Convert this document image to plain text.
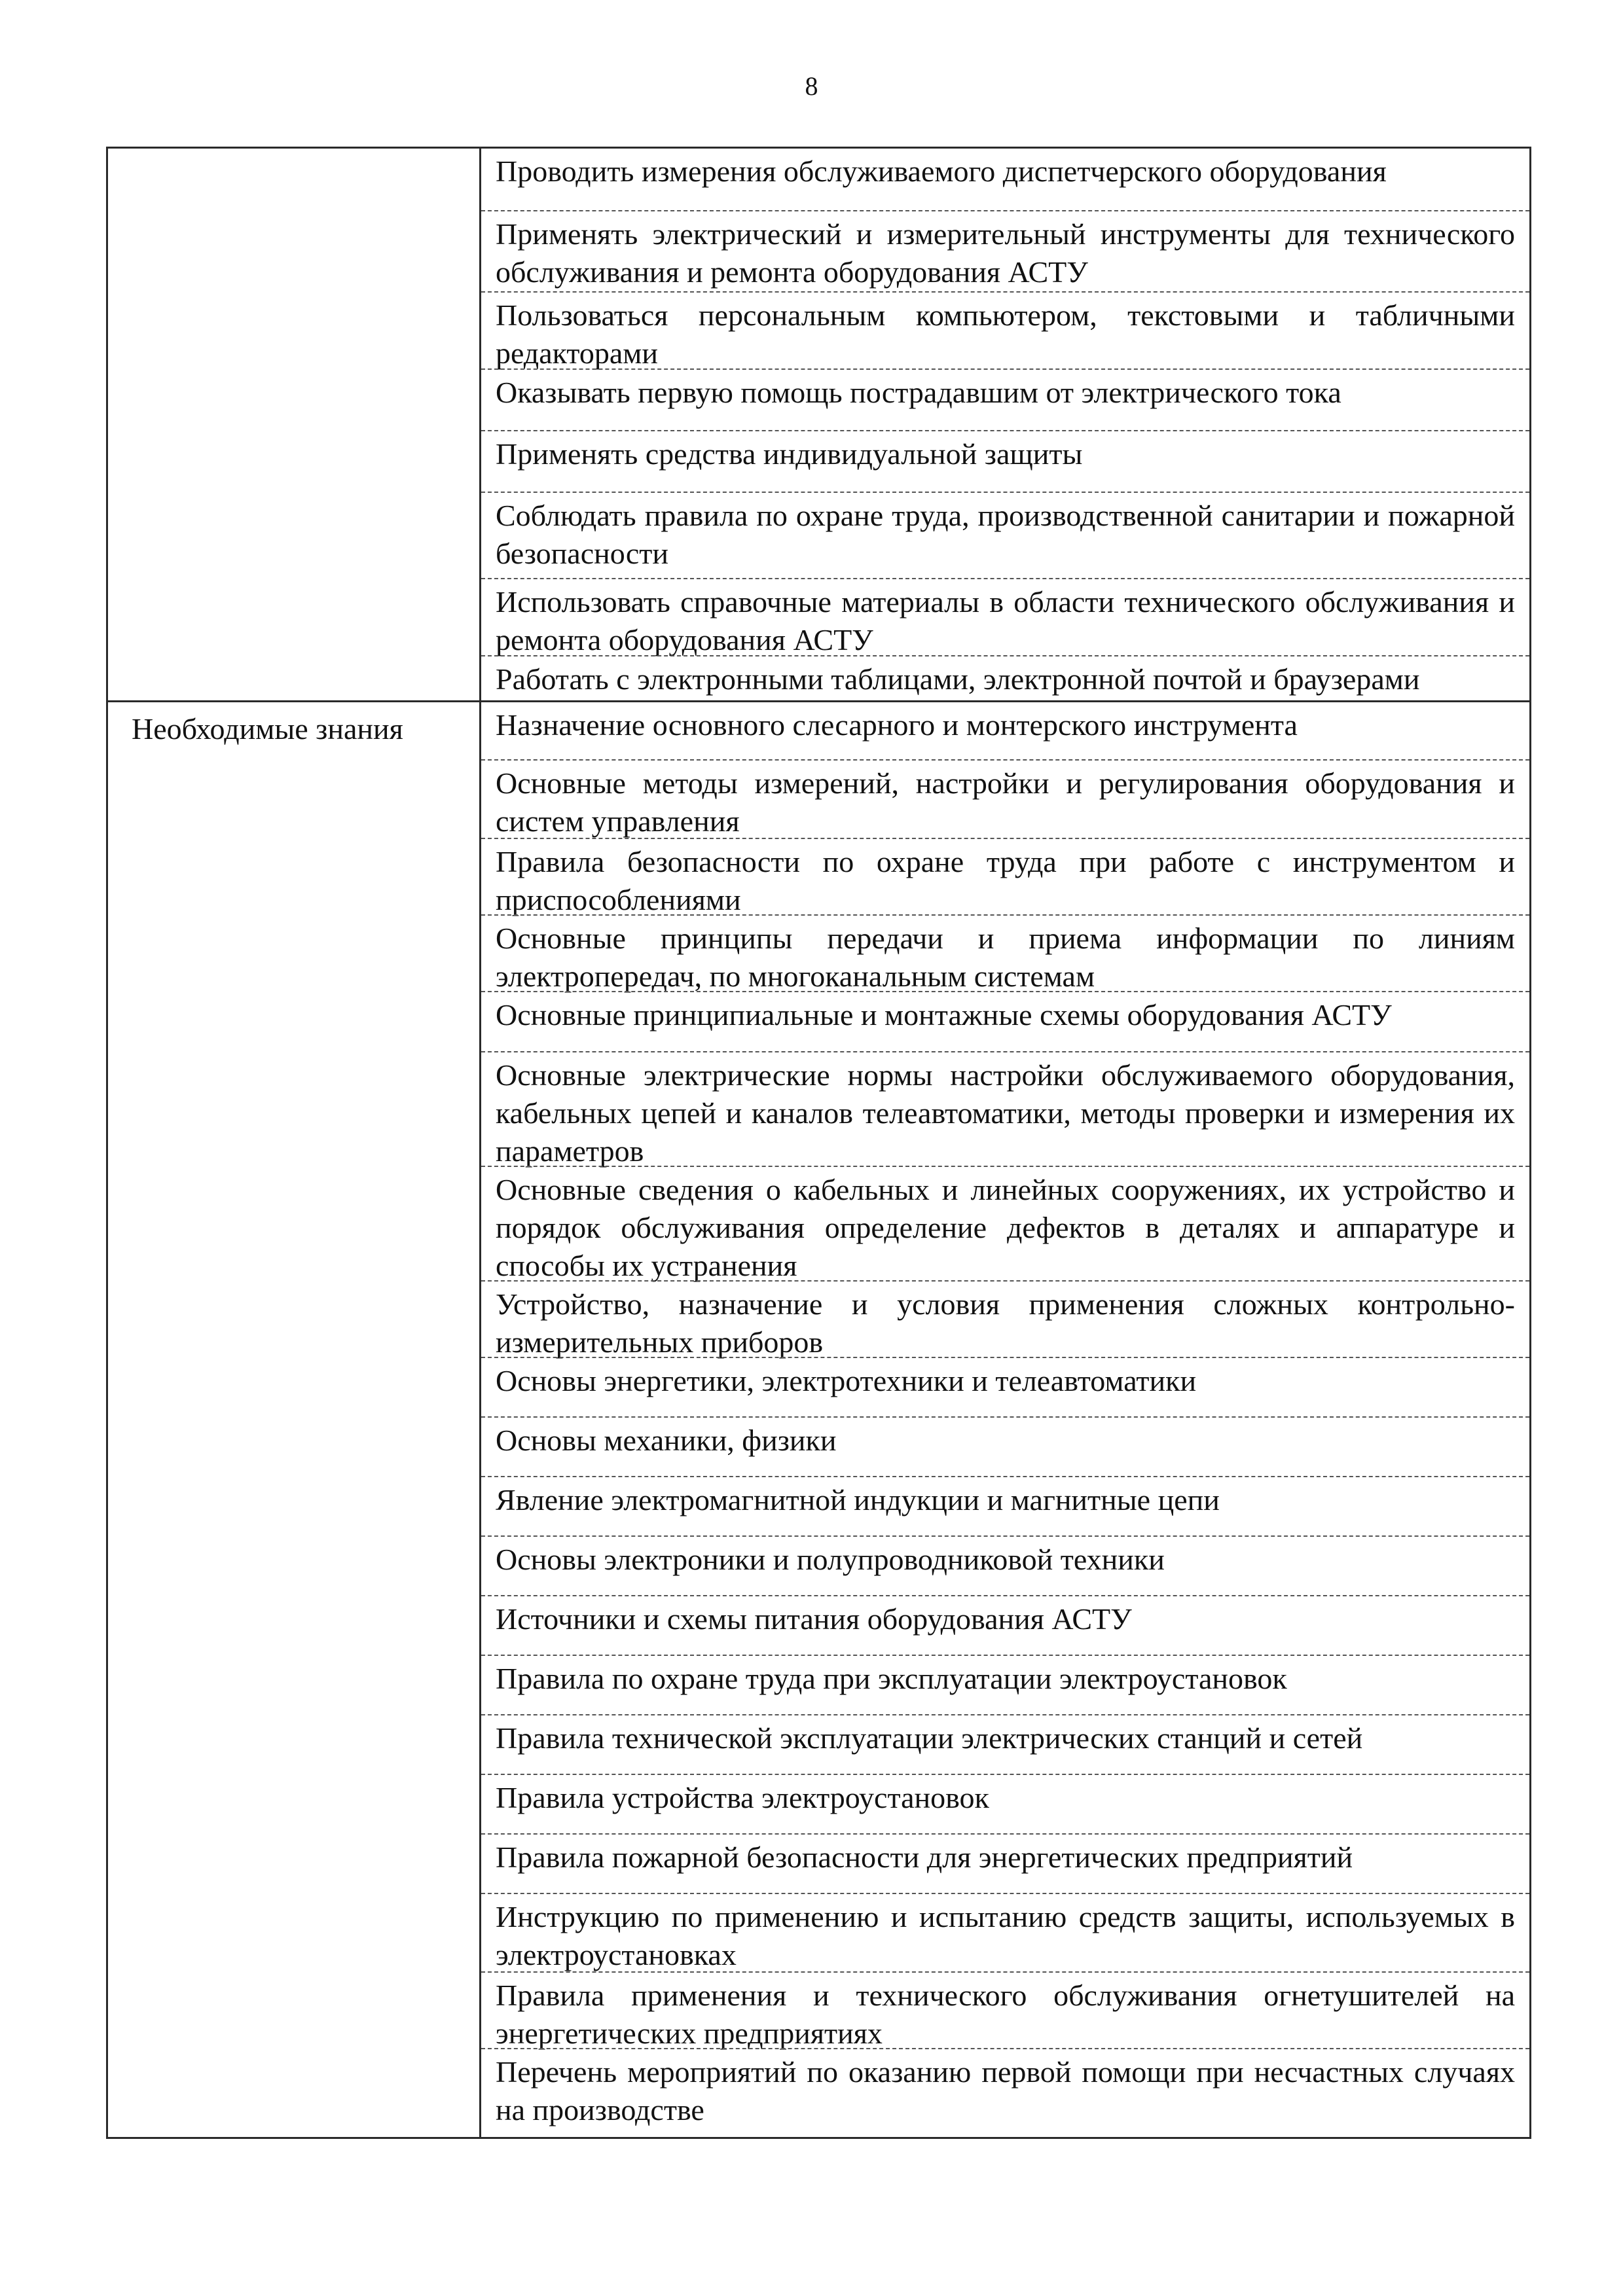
8
Необходимые знания

Проводить измерения обслуживаемого диспетчерского оборудования

Применять электрический и измерительный инструменты для технического обслуживания и ремонта оборудования АСТУ

Пользоваться персональным компьютером, текстовыми и табличными редакторами

Оказывать первую помощь пострадавшим от электрического тока

Применять средства индивидуальной защиты

Соблюдать правила по охране труда, производственной санитарии и пожарной безопасности

Использовать справочные материалы в области технического обслуживания и ремонта оборудования АСТУ

Работать с электронными таблицами, электронной почтой и браузерами

Назначение основного слесарного и монтерского инструмента

Основные методы измерений, настройки и регулирования оборудования и систем управления

Правила безопасности по охране труда при работе с инструментом и приспособлениями

Основные принципы передачи и приема информации по линиям электропередач, по многоканальным системам

Основные принципиальные и монтажные схемы оборудования АСТУ

Основные электрические нормы настройки обслуживаемого оборудования, кабельных цепей и каналов телеавтоматики, методы проверки и измерения их параметров

Основные сведения о кабельных и линейных сооружениях, их устройство и порядок обслуживания определение дефектов в деталях и аппаратуре и способы их устранения

Устройство, назначение и условия применения сложных контрольно-измерительных приборов

Основы энергетики, электротехники и телеавтоматики

Основы механики, физики

Явление электромагнитной индукции и магнитные цепи

Основы электроники и полупроводниковой техники

Источники и схемы питания оборудования АСТУ

Правила по охране труда при эксплуатации электроустановок

Правила технической эксплуатации электрических станций и сетей

Правила устройства электроустановок

Правила пожарной безопасности для энергетических предприятий

Инструкцию по применению и испытанию средств защиты, используемых в электроустановках

Правила применения и технического обслуживания огнетушителей на энергетических предприятиях

Перечень мероприятий по оказанию первой помощи при несчастных случаях на производстве
